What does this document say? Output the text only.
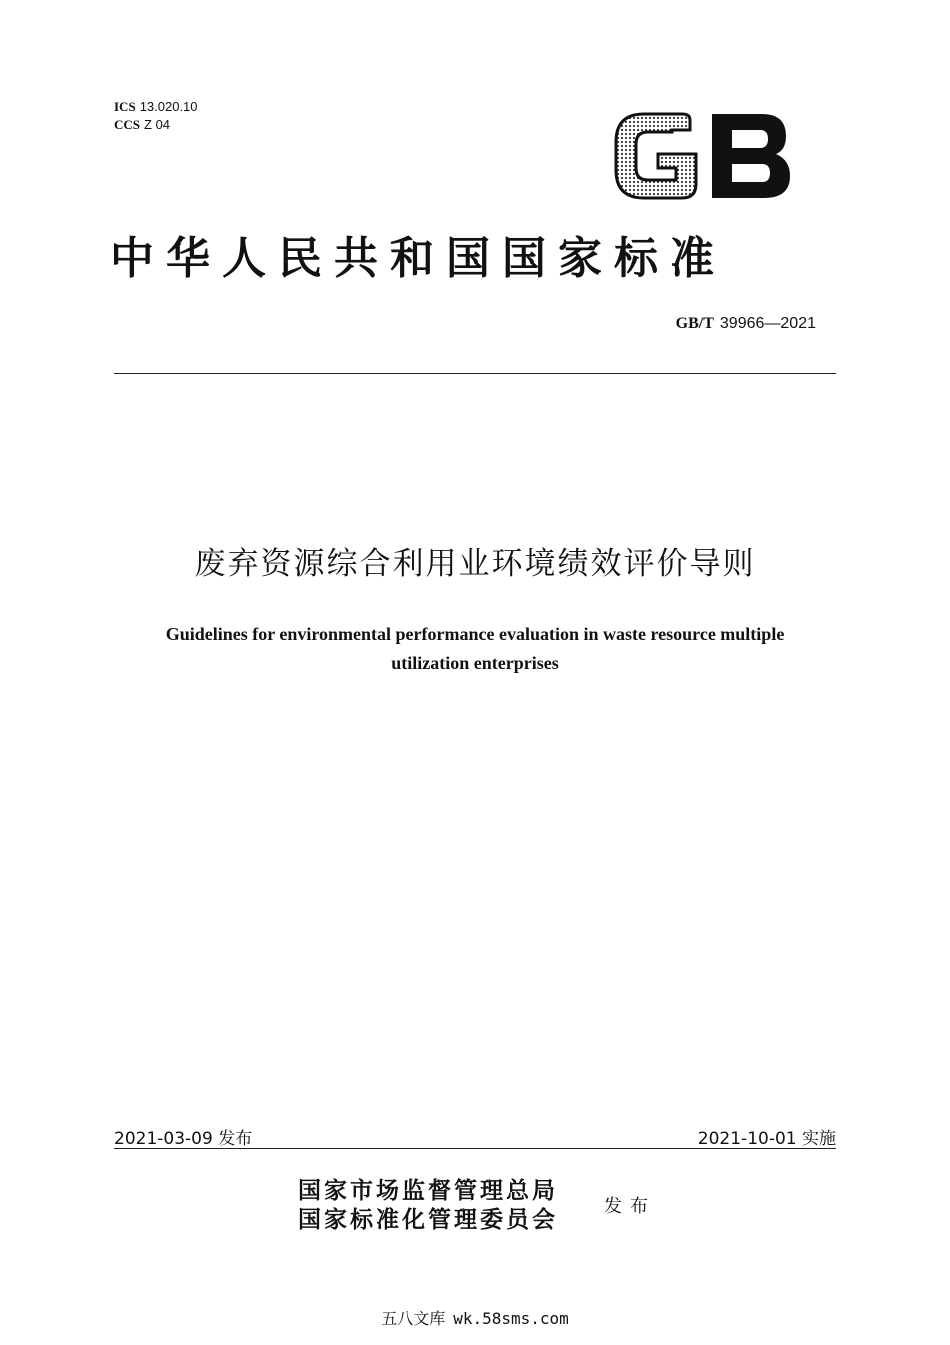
ICS 13.020.10
CCS Z 04
GB
中华人民共和国国家标准
GB/T 39966—2021
废弃资源综合利用业环境绩效评价导则
Guidelines for environmental performance evaluation in waste resource multiple
utilization enterprises
2021-03-09 发布	2021-10-01 实施
国家市场监督管理总局
国家标准化管理委员会	发布
五八文库 wk.58sms.com
